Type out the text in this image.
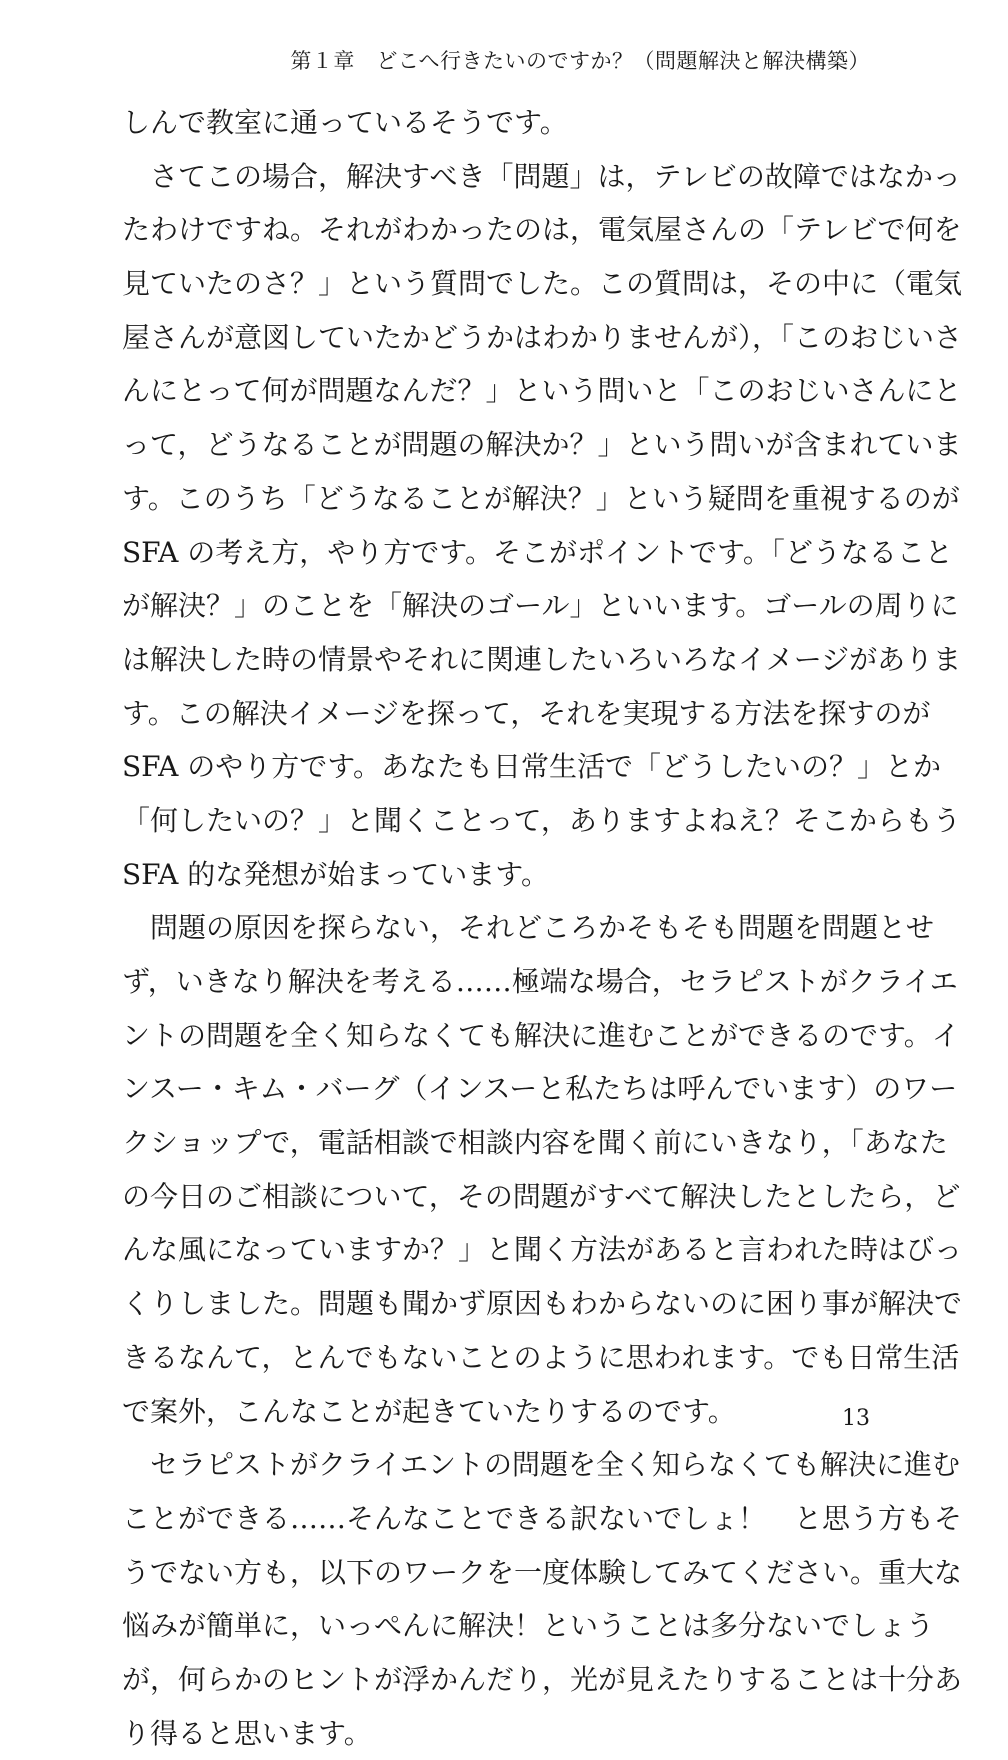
第１章　どこへ行きたいのですか？（問題解決と解決構築）
しんで教室に通っているそうです。
さてこの場合，解決すべき「問題」は，テレビの故障ではなかっ
たわけですね。それがわかったのは，電気屋さんの「テレビで何を
見ていたのさ？」という質問でした。この質問は，その中に（電気
屋さんが意図していたかどうかはわかりませんが），「このおじいさ
んにとって何が問題なんだ？」という問いと「このおじいさんにと
って，どうなることが問題の解決か？」という問いが含まれていま
す。このうち「どうなることが解決？」という疑問を重視するのが
SFA の考え方，やり方です。そこがポイントです。「どうなること
が解決？」のことを「解決のゴール」といいます。ゴールの周りに
は解決した時の情景やそれに関連したいろいろなイメージがありま
す。この解決イメージを探って，それを実現する方法を探すのが
SFA のやり方です。あなたも日常生活で「どうしたいの？」とか
「何したいの？」と聞くことって，ありますよねえ？そこからもう
SFA 的な発想が始まっています。
問題の原因を探らない，それどころかそもそも問題を問題とせ
ず，いきなり解決を考える……極端な場合，セラピストがクライエ
ントの問題を全く知らなくても解決に進むことができるのです。イ
ンスー・キム・バーグ（インスーと私たちは呼んでいます）のワー
クショップで，電話相談で相談内容を聞く前にいきなり，「あなた
の今日のご相談について，その問題がすべて解決したとしたら，ど
んな風になっていますか？」と聞く方法があると言われた時はびっ
くりしました。問題も聞かず原因もわからないのに困り事が解決で
きるなんて，とんでもないことのように思われます。でも日常生活
で案外，こんなことが起きていたりするのです。
セラピストがクライエントの問題を全く知らなくても解決に進む
ことができる……そんなことできる訳ないでしょ！　と思う方もそ
うでない方も，以下のワークを一度体験してみてください。重大な
悩みが簡単に，いっぺんに解決！ということは多分ないでしょう
が，何らかのヒントが浮かんだり，光が見えたりすることは十分あ
り得ると思います。
13
